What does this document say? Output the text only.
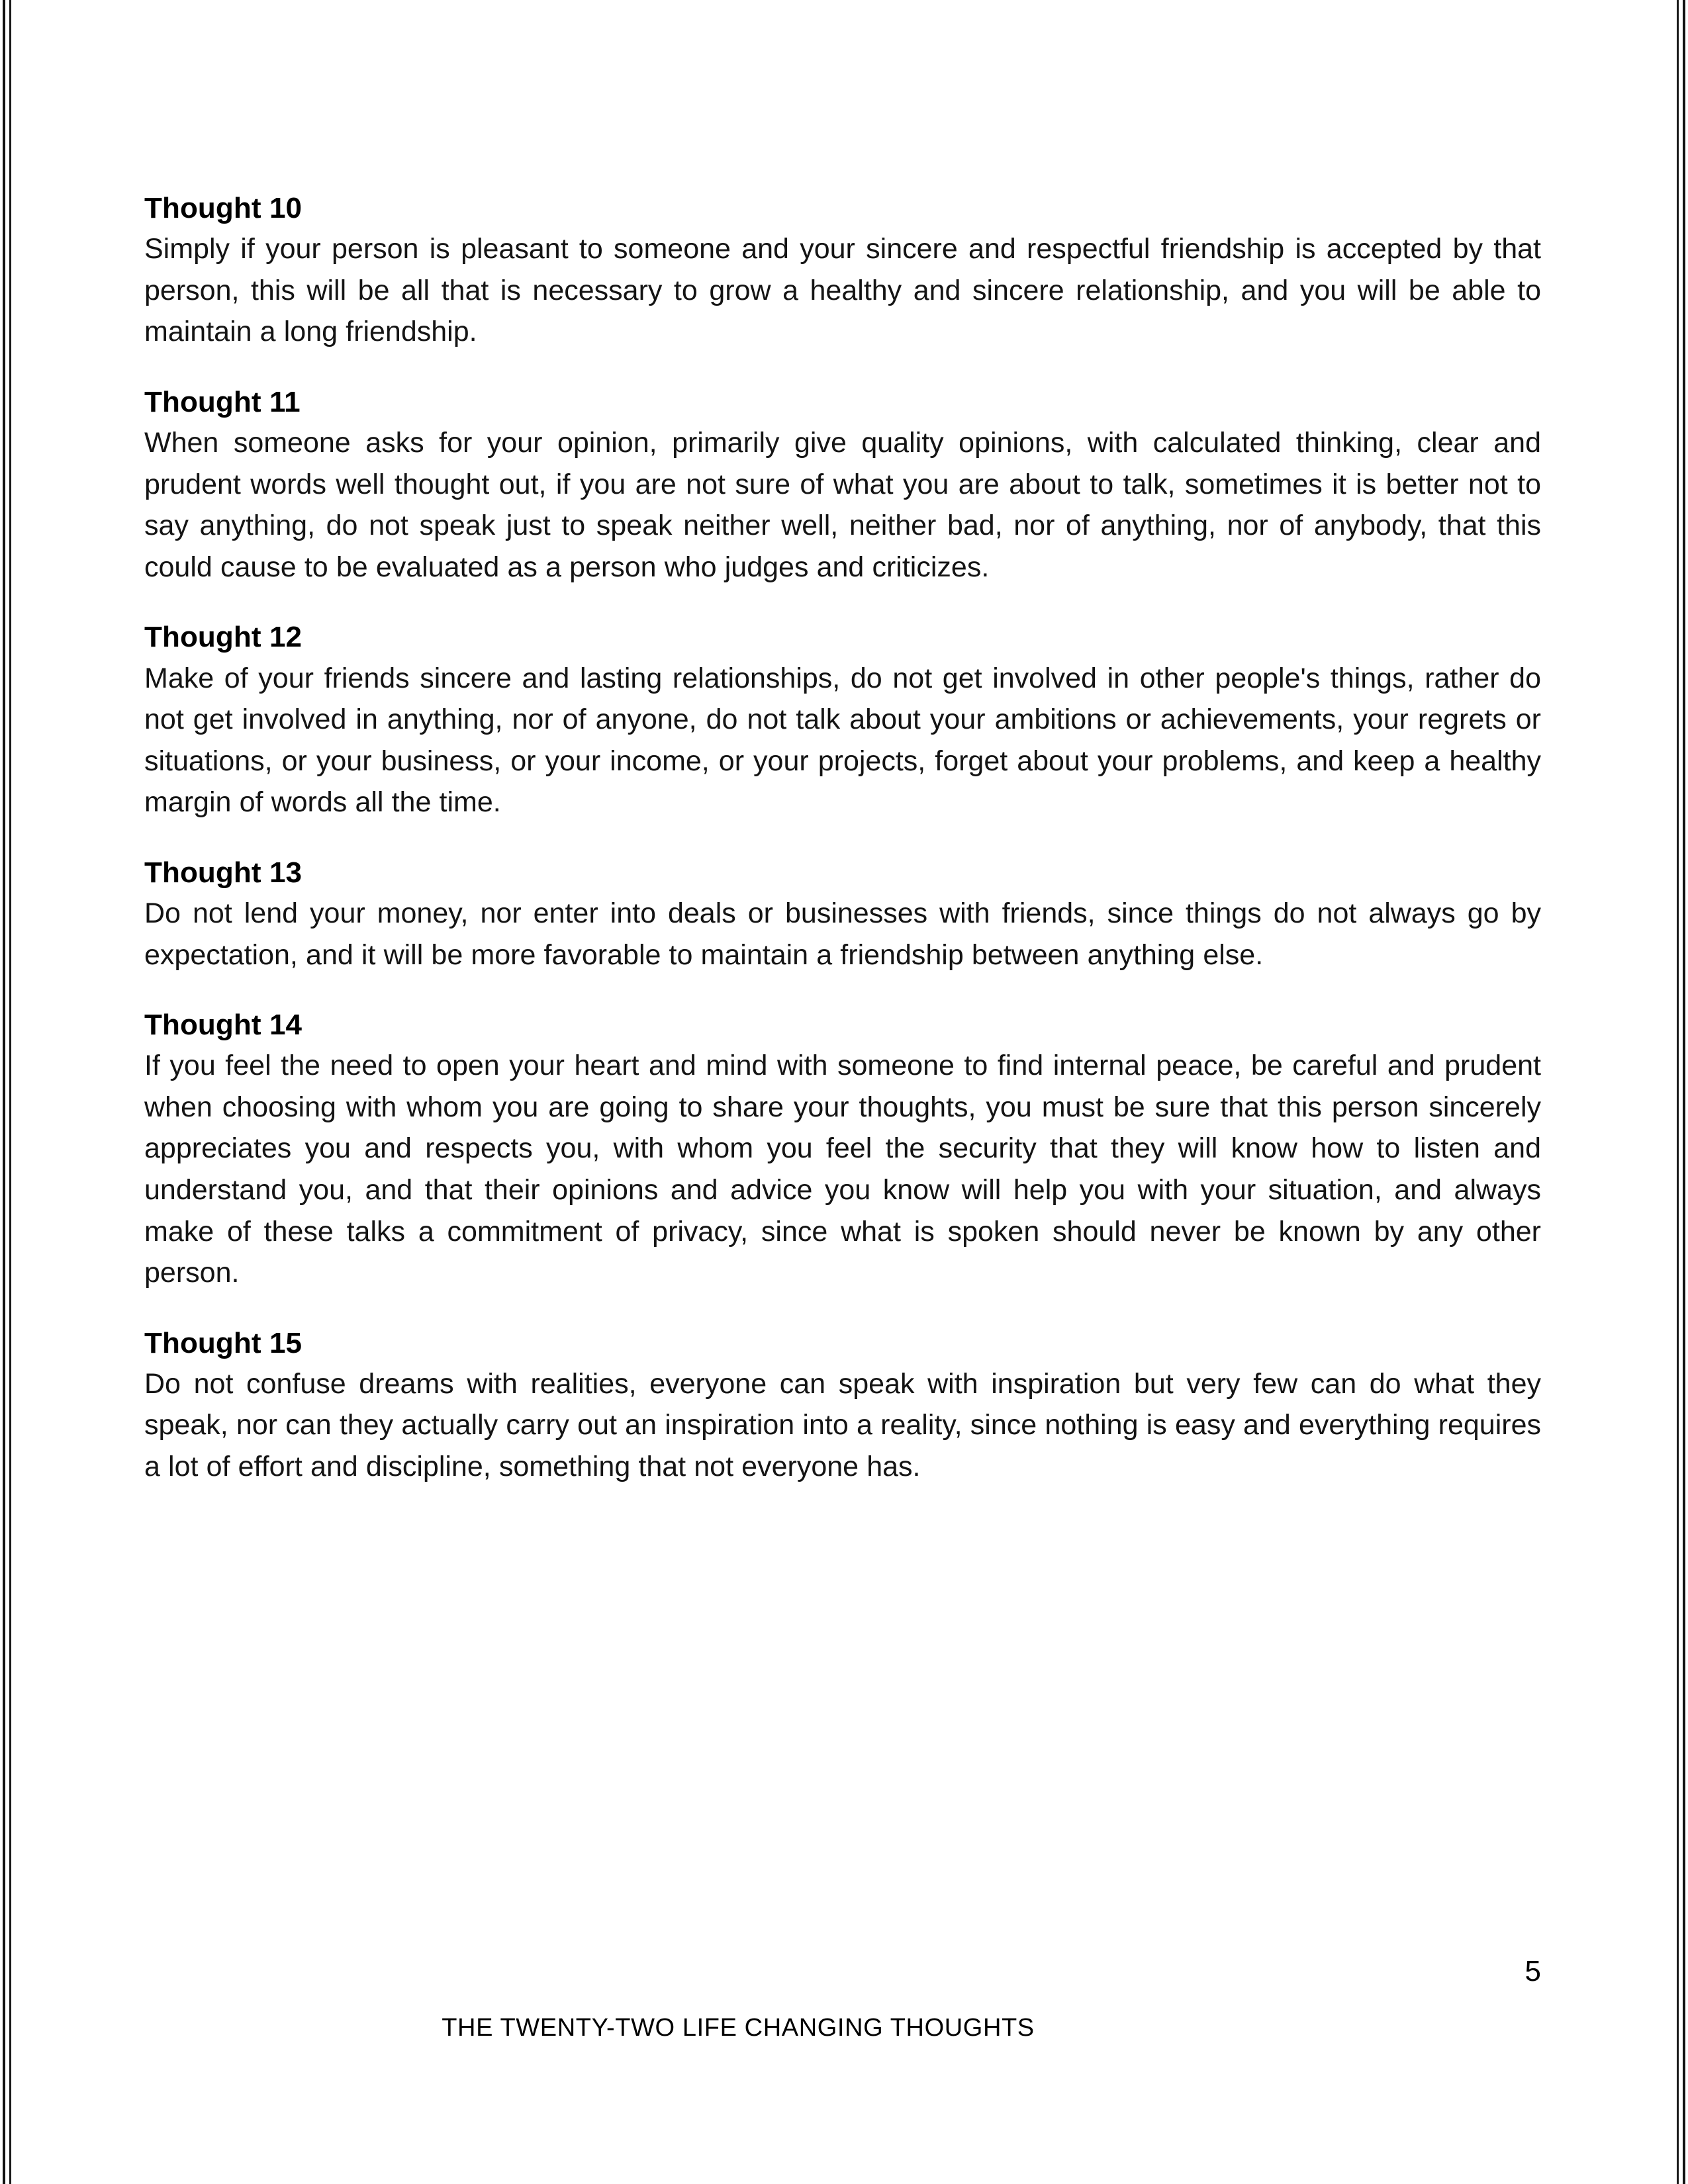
Thought 10

Simply if your person is pleasant to someone and your sincere and respectful friendship is accepted by that person, this will be all that is necessary to grow a healthy and sincere relationship, and you will be able to maintain a long friendship.

Thought 11

When someone asks for your opinion, primarily give quality opinions, with calculated thinking, clear and prudent words well thought out, if you are not sure of what you are about to talk, sometimes it is better not to say anything, do not speak just to speak neither well, neither bad, nor of anything, nor of anybody, that this could cause to be evaluated as a person who judges and criticizes.

Thought 12

Make of your friends sincere and lasting relationships, do not get involved in other people's things, rather do not get involved in anything, nor of anyone, do not talk about your ambitions or achievements, your regrets or situations, or your business, or your income, or your projects, forget about your problems, and keep a healthy margin of words all the time.

Thought 13

Do not lend your money, nor enter into deals or businesses with friends, since things do not always go by expectation, and it will be more favorable to maintain a friendship between anything else.

Thought 14

If you feel the need to open your heart and mind with someone to find internal peace, be careful and prudent when choosing with whom you are going to share your thoughts, you must be sure that this person sincerely appreciates you and respects you, with whom you feel the security that they will know how to listen and understand you, and that their opinions and advice you know will help you with your situation, and always make of these talks a commitment of privacy, since what is spoken should never be known by any other person.

Thought 15

Do not confuse dreams with realities, everyone can speak with inspiration but very few can do what they speak, nor can they actually carry out an inspiration into a reality, since nothing is easy and everything requires a lot of effort and discipline, something that not everyone has.

5
THE TWENTY-TWO LIFE CHANGING THOUGHTS
